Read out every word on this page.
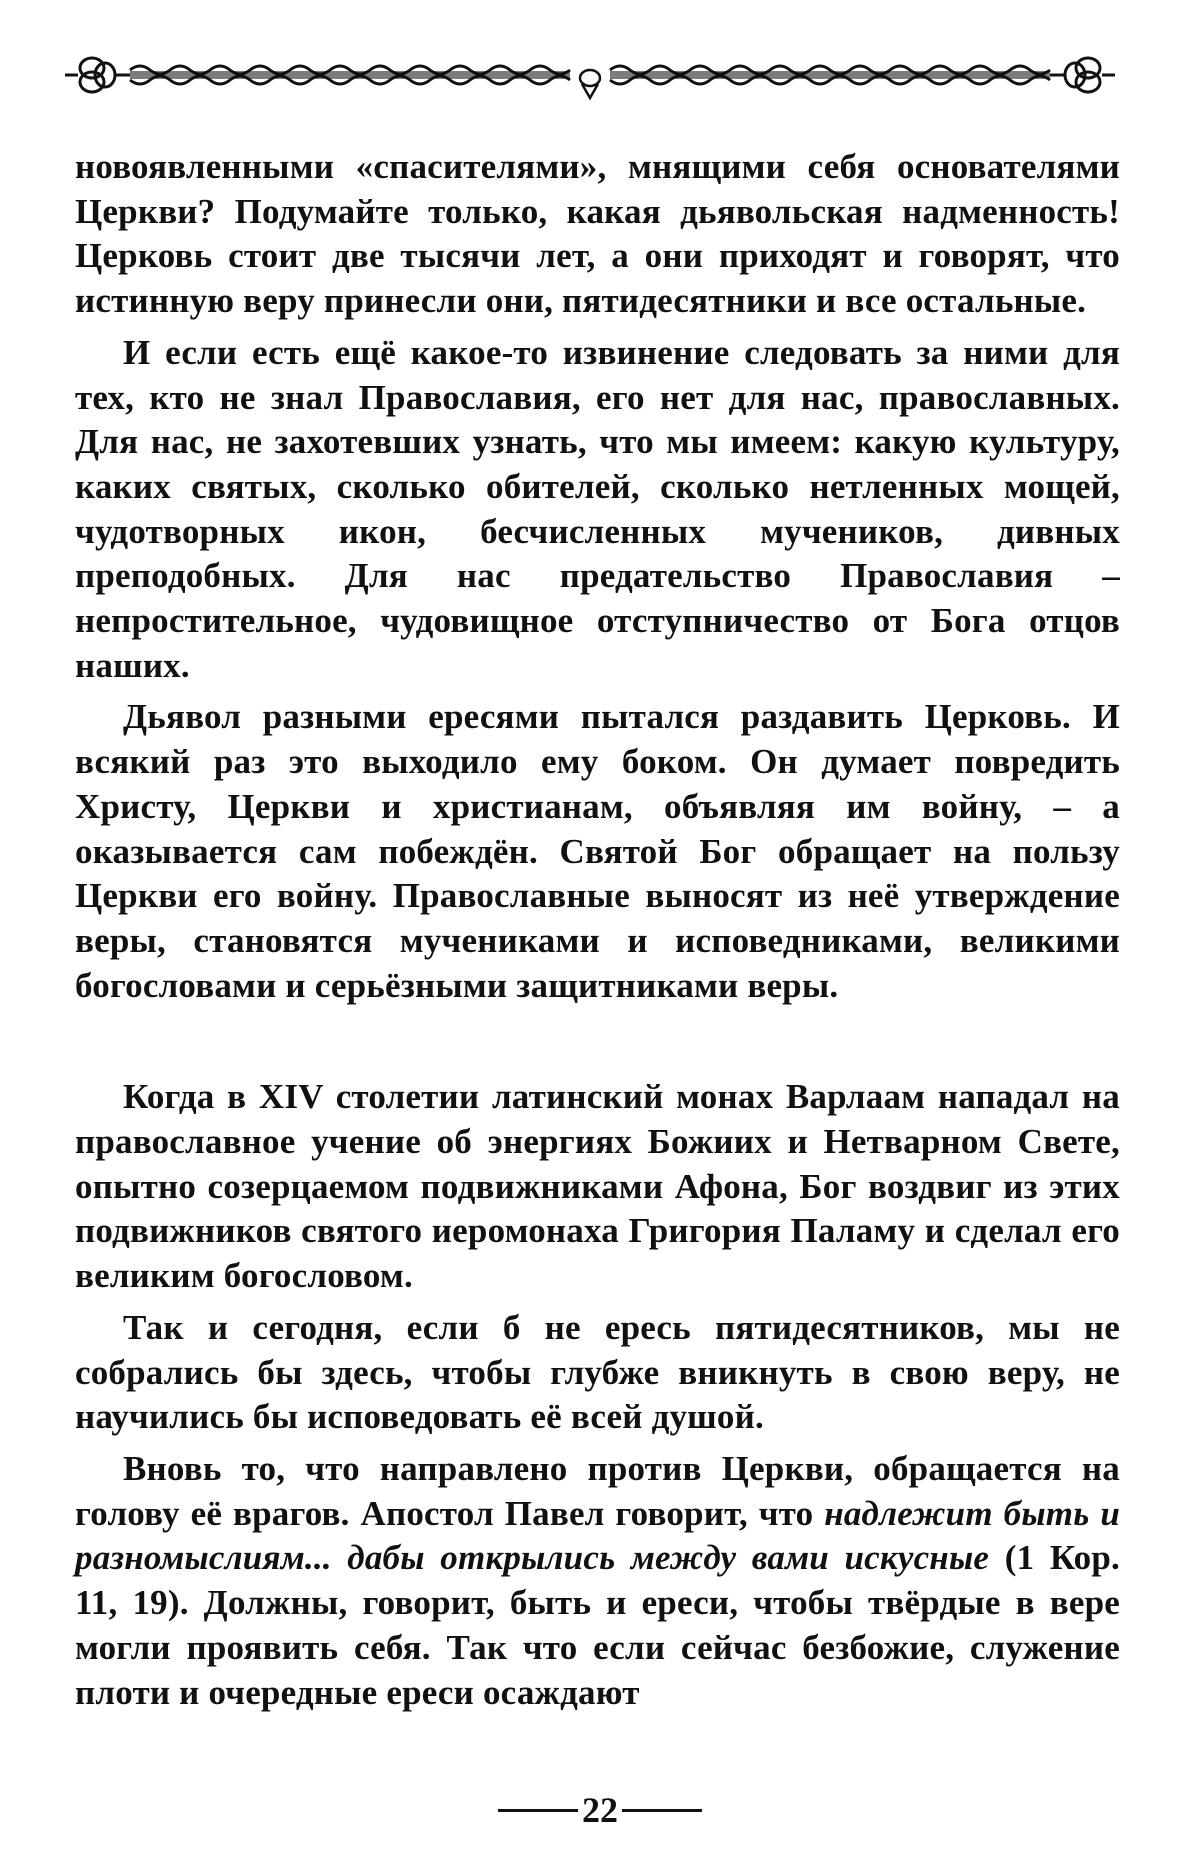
новоявленными «спасителями», мнящими себя основателями Церкви? Подумайте только, какая дьявольская надменность! Церковь стоит две тысячи лет, а они приходят и говорят, что истинную веру принесли они, пятидесятники и все остальные.

И если есть ещё какое-то извинение следовать за ними для тех, кто не знал Православия, его нет для нас, православных. Для нас, не захотевших узнать, что мы имеем: какую культуру, каких святых, сколько обителей, сколько нетленных мощей, чудотворных икон, бесчисленных мучеников, дивных преподобных. Для нас предательство Православия – непростительное, чудовищное отступничество от Бога отцов наших.

Дьявол разными ересями пытался раздавить Церковь. И всякий раз это выходило ему боком. Он думает повредить Христу, Церкви и христианам, объявляя им войну, – а оказывается сам побеждён. Святой Бог обращает на пользу Церкви его войну. Православные выносят из неё утверждение веры, становятся мучениками и исповедниками, великими богословами и серьёзными защитниками веры.

Когда в XIV столетии латинский монах Варлаам нападал на православное учение об энергиях Божиих и Нетварном Свете, опытно созерцаемом подвижниками Афона, Бог воздвиг из этих подвижников святого иеромонаха Григория Паламу и сделал его великим богословом.

Так и сегодня, если б не ересь пятидесятников, мы не собрались бы здесь, чтобы глубже вникнуть в свою веру, не научились бы исповедовать её всей душой.

Вновь то, что направлено против Церкви, обращается на голову её врагов. Апостол Павел говорит, что надлежит быть и разномыслиям... дабы открылись между вами искусные (1 Кор. 11, 19). Должны, говорит, быть и ереси, чтобы твёрдые в вере могли проявить себя. Так что если сейчас безбожие, служение плоти и очередные ереси осаждают

22
